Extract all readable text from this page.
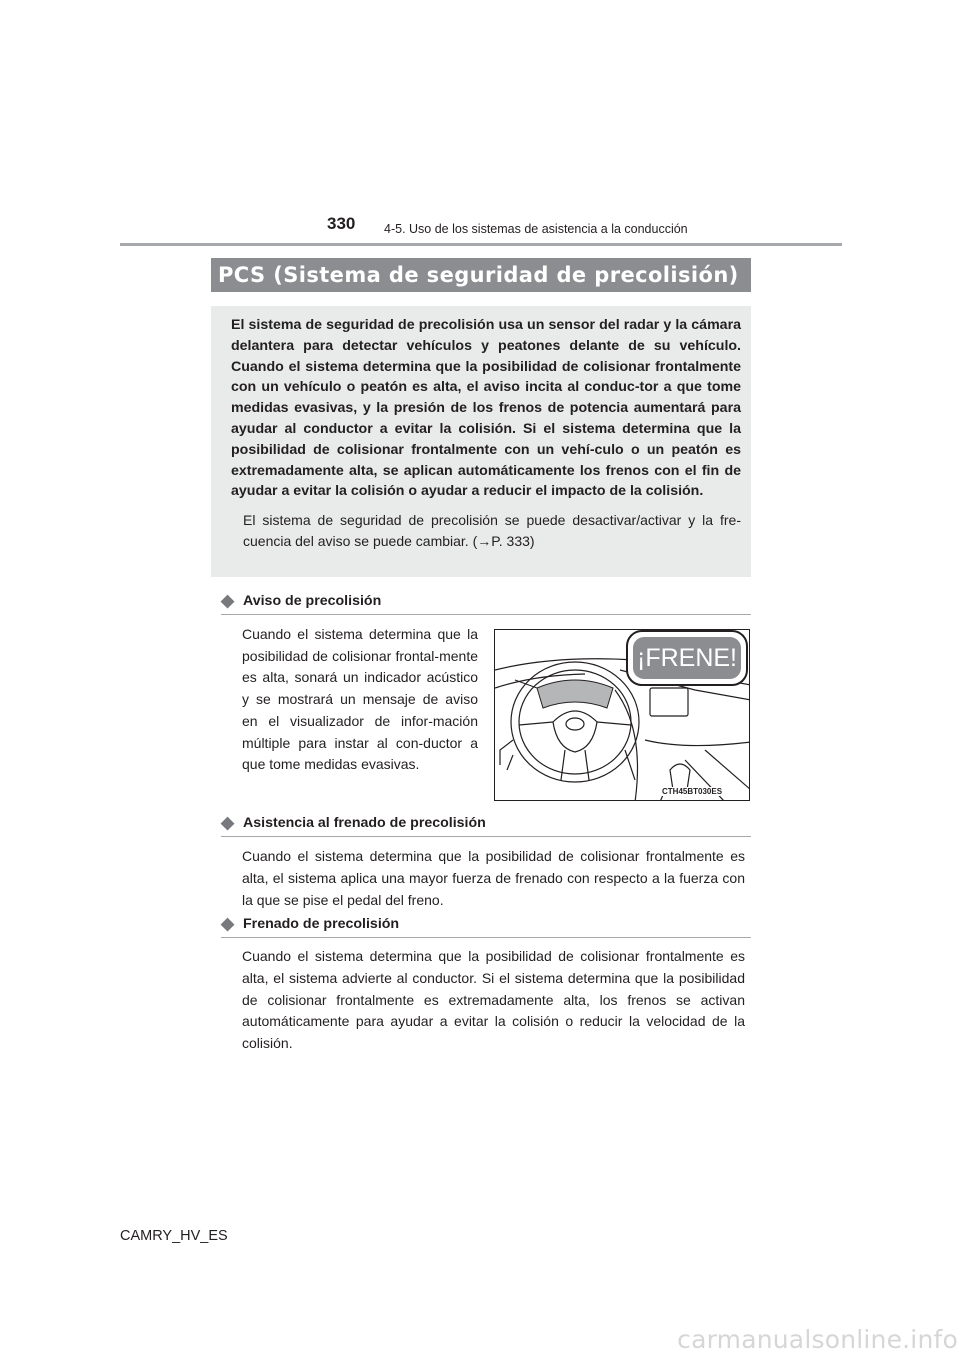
330 4-5. Uso de los sistemas de asistencia a la conducción
PCS (Sistema de seguridad de precolisión)

El sistema de seguridad de precolisión usa un sensor del radar y la cámara delantera para detectar vehículos y peatones delante de su vehículo. Cuando el sistema determina que la posibilidad de colisionar frontalmente con un vehículo o peatón es alta, el aviso incita al conduc-tor a que tome medidas evasivas, y la presión de los frenos de potencia aumentará para ayudar al conductor a evitar la colisión. Si el sistema determina que la posibilidad de colisionar frontalmente con un vehí-culo o un peatón es extremadamente alta, se aplican automáticamente los frenos con el fin de ayudar a evitar la colisión o ayudar a reducir el impacto de la colisión.

El sistema de seguridad de precolisión se puede desactivar/activar y la fre-cuencia del aviso se puede cambiar. (→P. 333)

◆ Aviso de precolisión

Cuando el sistema determina que la posibilidad de colisionar frontal-mente es alta, sonará un indicador acústico y se mostrará un mensaje de aviso en el visualizador de infor-mación múltiple para instar al con-ductor a que tome medidas evasivas.

¡FRENE!
CTH45BT030ES
◆ Asistencia al frenado de precolisión

Cuando el sistema determina que la posibilidad de colisionar frontalmente es alta, el sistema aplica una mayor fuerza de frenado con respecto a la fuerza con la que se pise el pedal del freno.

◆ Frenado de precolisión

Cuando el sistema determina que la posibilidad de colisionar frontalmente es alta, el sistema advierte al conductor. Si el sistema determina que la posibilidad de colisionar frontalmente es extremadamente alta, los frenos se activan automáticamente para ayudar a evitar la colisión o reducir la velocidad de la colisión.

CAMRY_HV_ES
carmanualsonline.info
